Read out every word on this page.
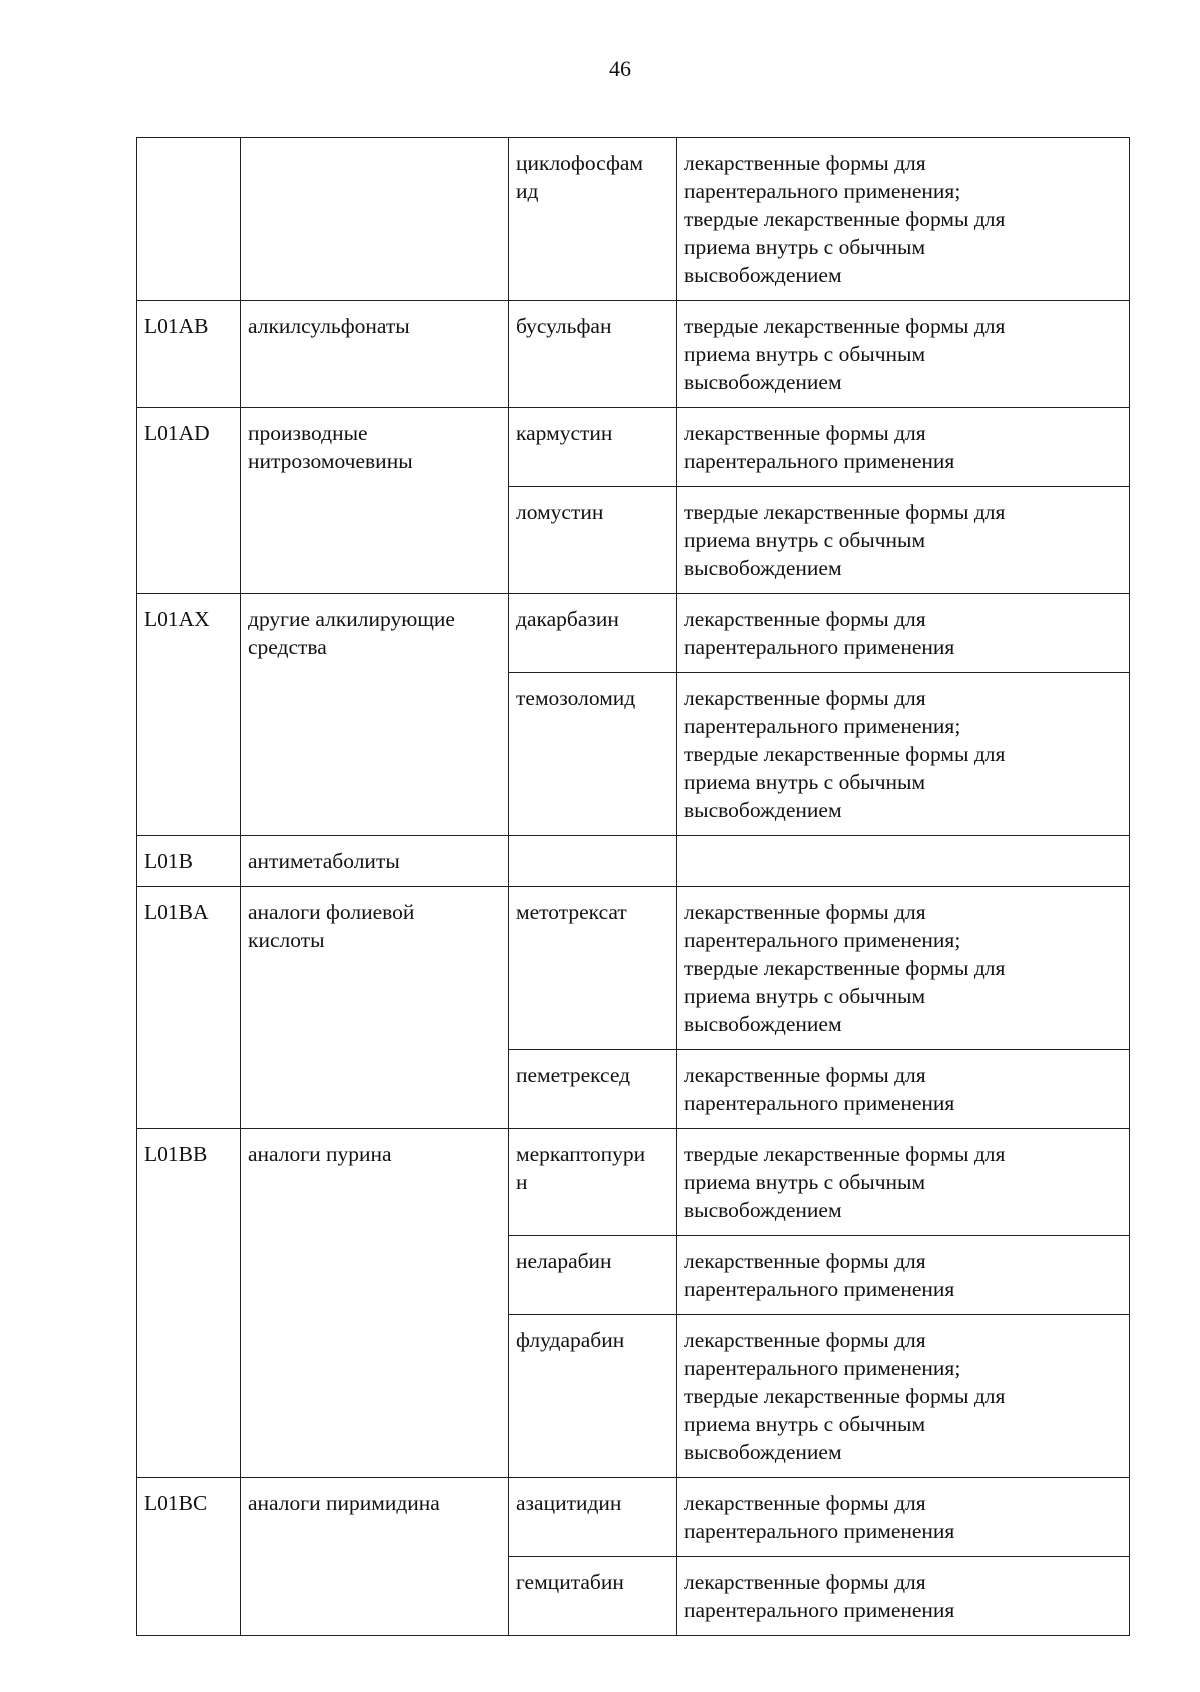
46

		циклофосфам
ид	лекарственные формы для
парентерального применения;
твердые лекарственные формы для
приема внутрь с обычным
высвобождением

L01AB	алкилсульфонаты	бусульфан	твердые лекарственные формы для
приема внутрь с обычным
высвобождением

L01AD	производные
нитрозомочевины	кармустин	лекарственные формы для
парентерального применения

		ломустин	твердые лекарственные формы для
приема внутрь с обычным
высвобождением

L01AX	другие алкилирующие
средства	дакарбазин	лекарственные формы для
парентерального применения

		темозоломид	лекарственные формы для
парентерального применения;
твердые лекарственные формы для
приема внутрь с обычным
высвобождением

L01B	антиметаболиты		

L01BA	аналоги фолиевой
кислоты	метотрексат	лекарственные формы для
парентерального применения;
твердые лекарственные формы для
приема внутрь с обычным
высвобождением

		пеметрексед	лекарственные формы для
парентерального применения

L01BB	аналоги пурина	меркаптопури
н	твердые лекарственные формы для
приема внутрь с обычным
высвобождением

		неларабин	лекарственные формы для
парентерального применения

		флударабин	лекарственные формы для
парентерального применения;
твердые лекарственные формы для
приема внутрь с обычным
высвобождением

L01BC	аналоги пиримидина	азацитидин	лекарственные формы для
парентерального применения

		гемцитабин	лекарственные формы для
парентерального применения
